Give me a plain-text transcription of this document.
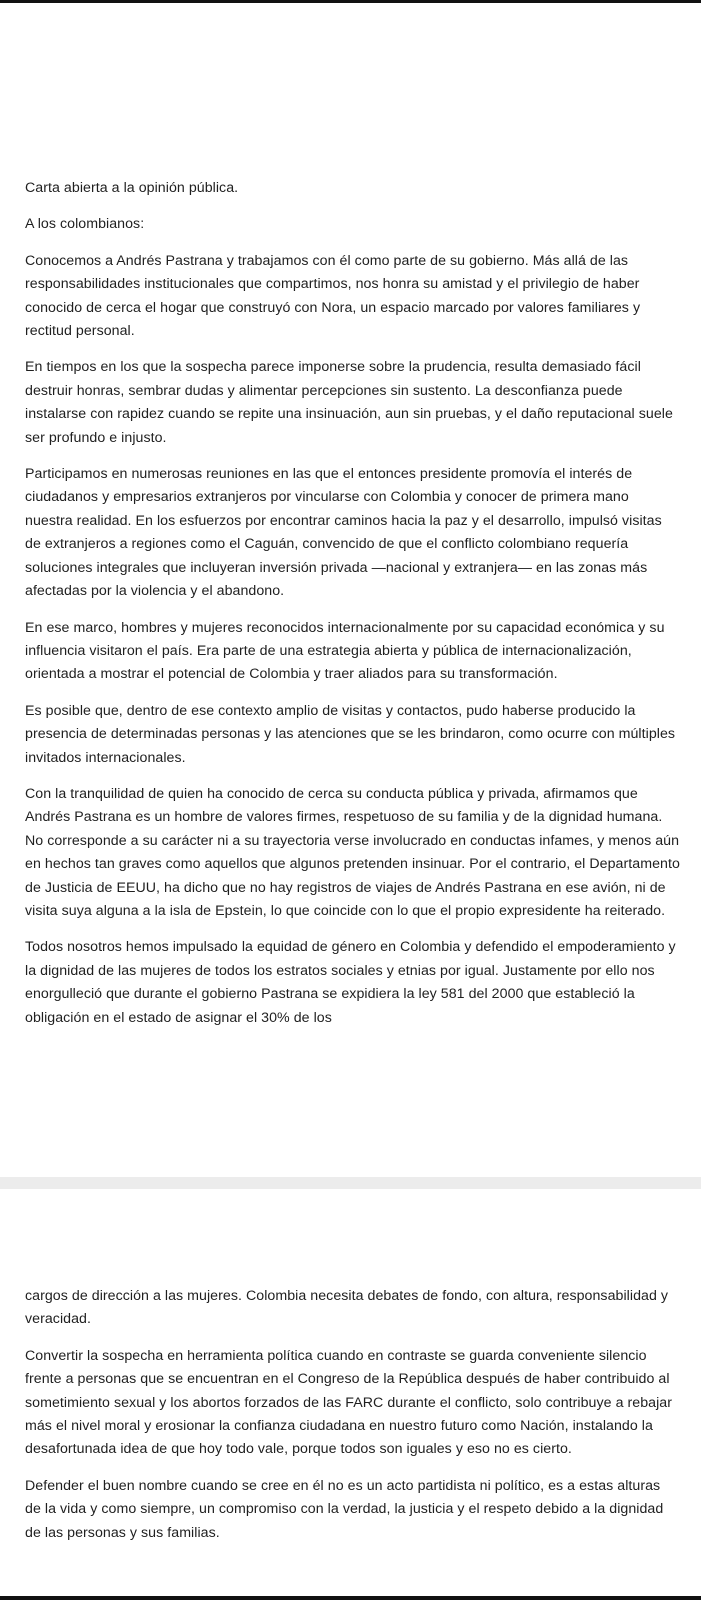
Carta abierta a la opinión pública.

A los colombianos:

Conocemos a Andrés Pastrana y trabajamos con él como parte de su gobierno. Más allá de las responsabilidades institucionales que compartimos, nos honra su amistad y el privilegio de haber conocido de cerca el hogar que construyó con Nora, un espacio marcado por valores familiares y rectitud personal.

En tiempos en los que la sospecha parece imponerse sobre la prudencia, resulta demasiado fácil destruir honras, sembrar dudas y alimentar percepciones sin sustento. La desconfianza puede instalarse con rapidez cuando se repite una insinuación, aun sin pruebas, y el daño reputacional suele ser profundo e injusto.

Participamos en numerosas reuniones en las que el entonces presidente promovía el interés de ciudadanos y empresarios extranjeros por vincularse con Colombia y conocer de primera mano nuestra realidad. En los esfuerzos por encontrar caminos hacia la paz y el desarrollo, impulsó visitas de extranjeros a regiones como el Caguán, convencido de que el conflicto colombiano requería soluciones integrales que incluyeran inversión privada —nacional y extranjera— en las zonas más afectadas por la violencia y el abandono.

En ese marco, hombres y mujeres reconocidos internacionalmente por su capacidad económica y su influencia visitaron el país. Era parte de una estrategia abierta y pública de internacionalización, orientada a mostrar el potencial de Colombia y traer aliados para su transformación.

Es posible que, dentro de ese contexto amplio de visitas y contactos, pudo haberse producido la presencia de determinadas personas y las atenciones que se les brindaron, como ocurre con múltiples invitados internacionales.

Con la tranquilidad de quien ha conocido de cerca su conducta pública y privada, afirmamos que Andrés Pastrana es un hombre de valores firmes, respetuoso de su familia y de la dignidad humana. No corresponde a su carácter ni a su trayectoria verse involucrado en conductas infames, y menos aún en hechos tan graves como aquellos que algunos pretenden insinuar. Por el contrario, el Departamento de Justicia de EEUU, ha dicho que no hay registros de viajes de Andrés Pastrana en ese avión, ni de visita suya alguna a la isla de Epstein, lo que coincide con lo que el propio expresidente ha reiterado.

Todos nosotros hemos impulsado la equidad de género en Colombia y defendido el empoderamiento y la dignidad de las mujeres de todos los estratos sociales y etnias por igual. Justamente por ello nos enorgulleció que durante el gobierno Pastrana se expidiera la ley 581 del 2000 que estableció la obligación en el estado de asignar el 30% de los

cargos de dirección a las mujeres. Colombia necesita debates de fondo, con altura, responsabilidad y veracidad.

Convertir la sospecha en herramienta política cuando en contraste se guarda conveniente silencio frente a personas que se encuentran en el Congreso de la República después de haber contribuido al sometimiento sexual y los abortos forzados de las FARC durante el conflicto, solo contribuye a rebajar más el nivel moral y erosionar la confianza ciudadana en nuestro futuro como Nación, instalando la desafortunada idea de que hoy todo vale, porque todos son iguales y eso no es cierto.

Defender el buen nombre cuando se cree en él no es un acto partidista ni político, es a estas alturas de la vida y como siempre, un compromiso con la verdad, la justicia y el respeto debido a la dignidad de las personas y sus familias.
